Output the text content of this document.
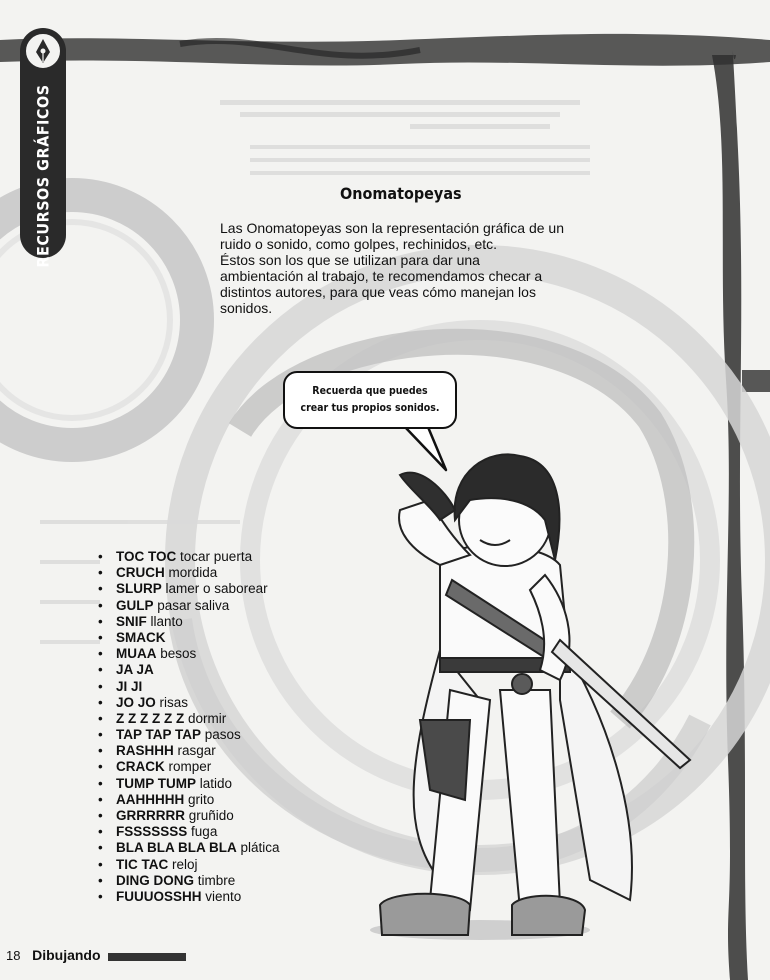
RECURSOS GRÁFICOS	Onomatopeyas

Las Onomatopeyas son la representación gráfica de un ruido o sonido, como golpes, rechinidos, etc.

Éstos son los que se utilizan para dar una ambientación al trabajo, te recomendamos checar a distintos autores, para que veas cómo manejan los sonidos.

Recuerda que puedes
crear tus propios sonidos.
• TOC TOC tocar puerta
• CRUCH mordida
• SLURP lamer o saborear
• GULP pasar saliva
• SNIF llanto
• SMACK
• MUAA besos
• JA JA
• JI JI
• JO JO risas
• Z Z Z Z Z Z dormir
• TAP TAP TAP pasos
• RASHHH rasgar
• CRACK romper
• TUMP TUMP latido
• AAHHHHH grito
• GRRRRRR gruñido
• FSSSSSSS fuga
• BLA BLA BLA BLA plática
• TIC TAC reloj
• DING DONG timbre
• FUUUOSSHH viento
18 Dibujando
